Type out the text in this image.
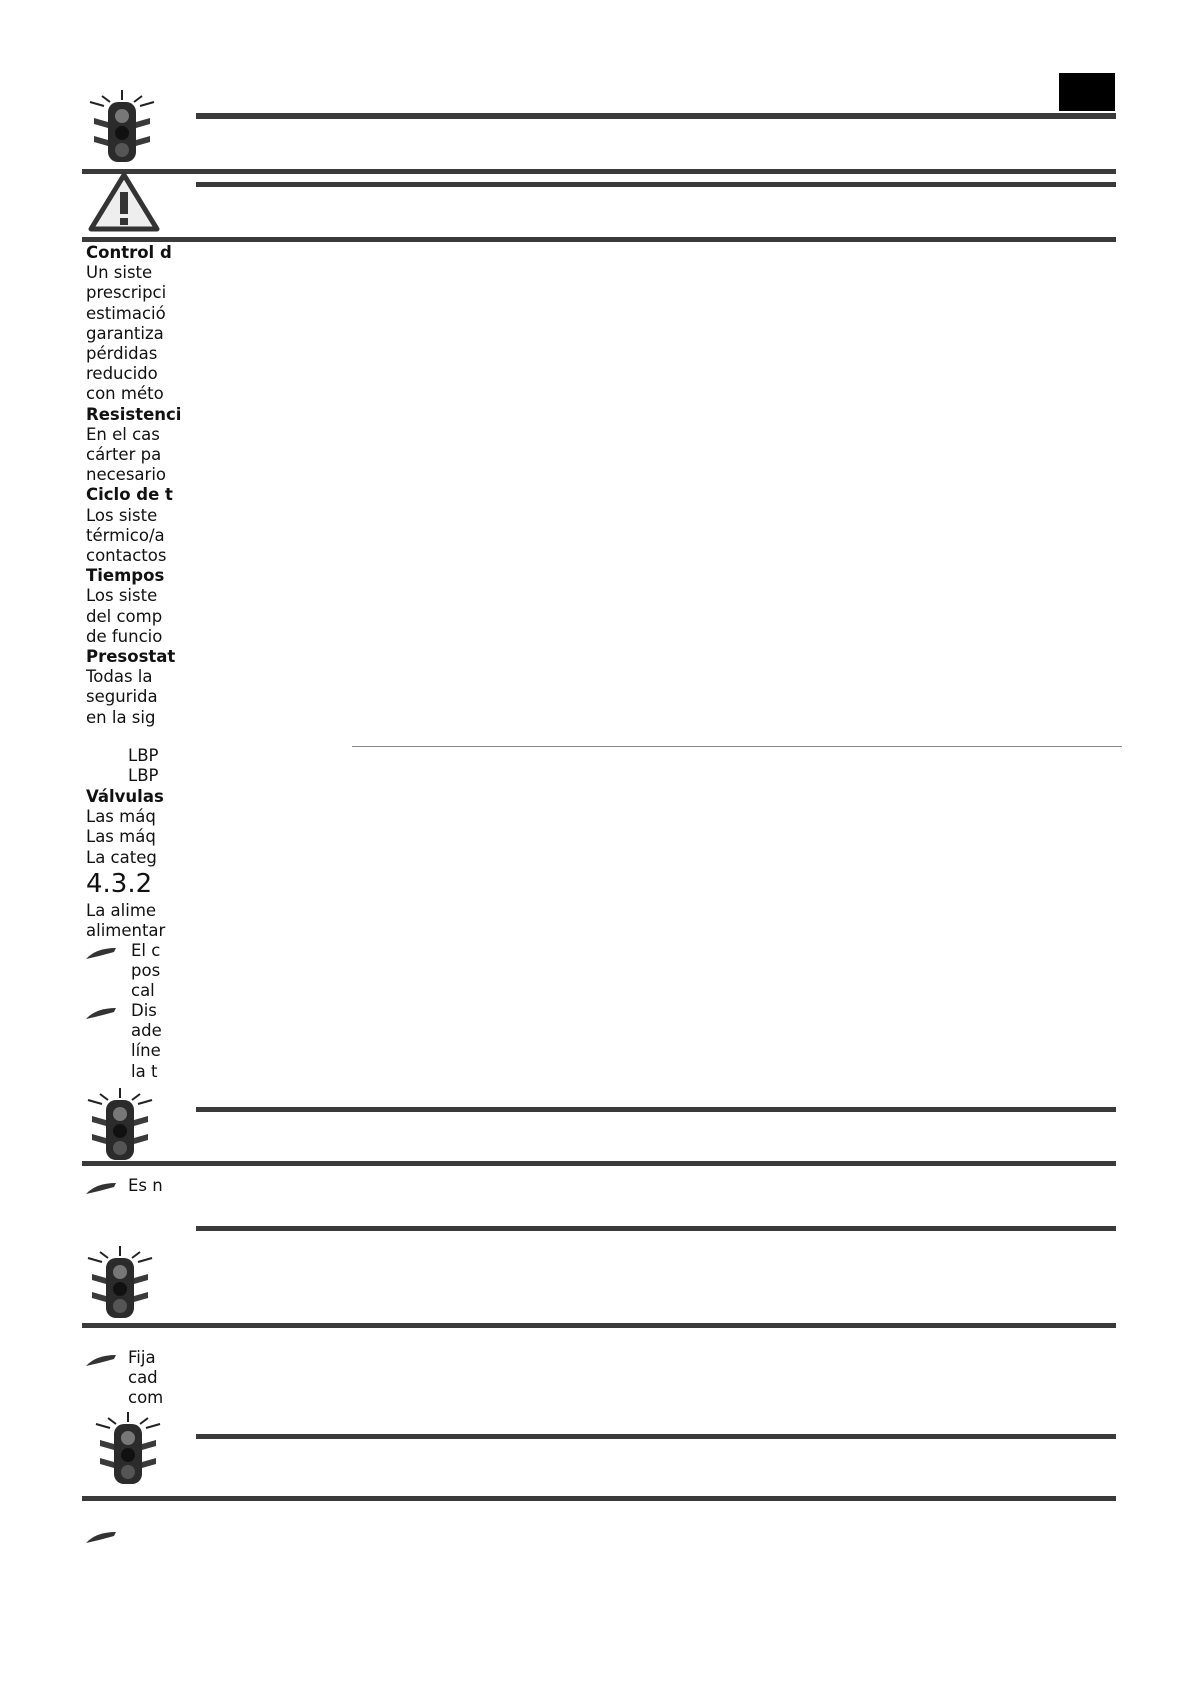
Control d
Un siste
prescripci
estimació
garantiza
pérdidas
reducido
con méto
Resistenci
En el cas
cárter pa
necesario
Ciclo de t
Los siste
térmico/a
contactos
Tiempos
Los siste
del comp
de funcio
Presostat
Todas la
segurida
en la sig
LBP
LBP
Válvulas
Las máq
Las máq
La categ
4.3.2
La alime
alimentar
El c
pos
cal
Dis
ade
líne
la t
Es n
Fija
cad
com
